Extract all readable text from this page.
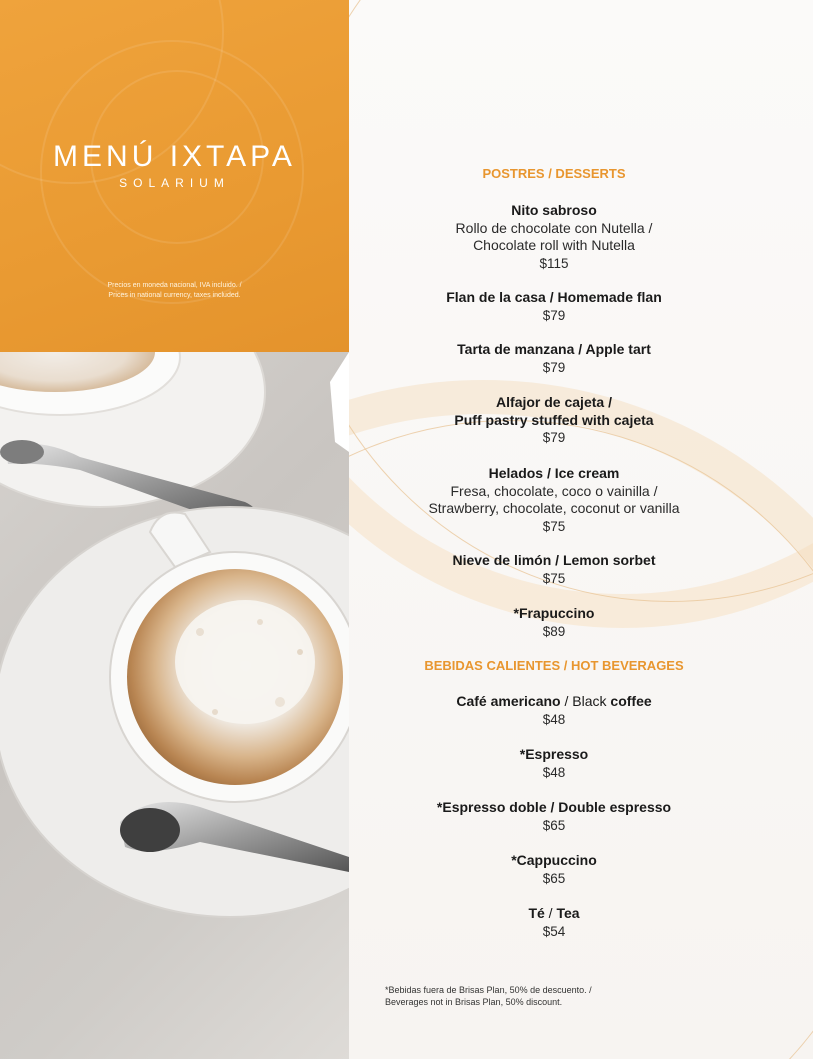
MENÚ IXTAPA
SOLARIUM
Precios en moneda nacional, IVA incluido. /
Prices in national currency, taxes included.
POSTRES / DESSERTS
Nito sabroso
Rollo de chocolate con Nutella /
Chocolate roll with Nutella
$115
Flan de la casa / Homemade flan
$79
Tarta de manzana / Apple tart
$79
Alfajor de cajeta /
Puff pastry stuffed with cajeta
$79
Helados / Ice cream
Fresa, chocolate, coco o vainilla /
Strawberry, chocolate, coconut or vanilla
$75
Nieve de limón / Lemon sorbet
$75
*Frapuccino
$89
BEBIDAS CALIENTES / HOT BEVERAGES
Café americano / Black coffee
$48
*Espresso
$48
*Espresso doble / Double espresso
$65
*Cappuccino
$65
Té / Tea
$54
*Bebidas fuera de Brisas Plan, 50% de descuento. /
Beverages not in Brisas Plan, 50% discount.
